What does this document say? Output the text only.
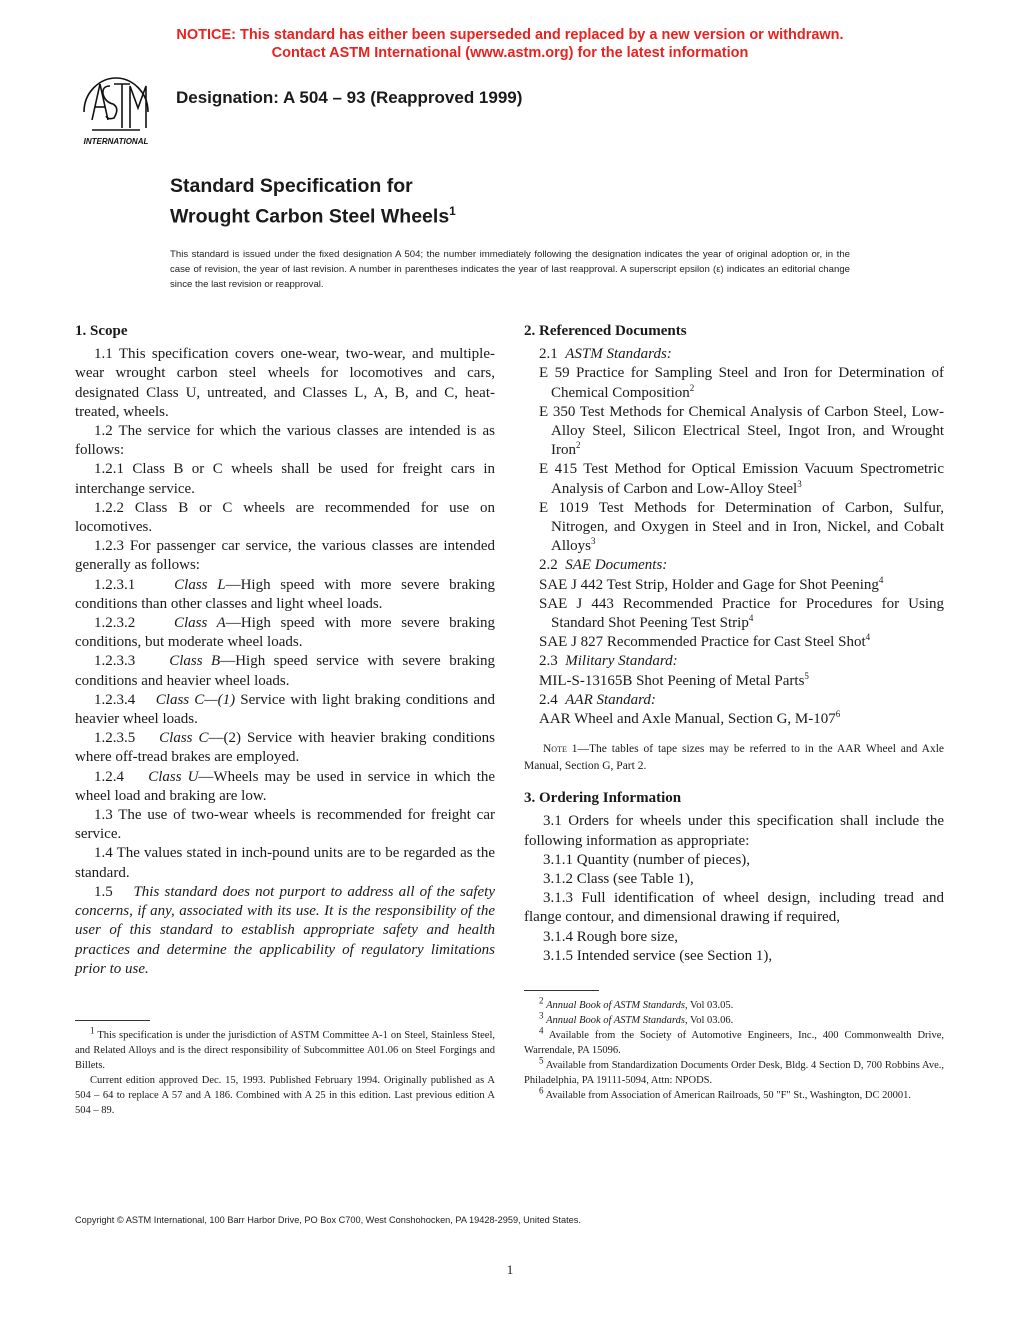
NOTICE: This standard has either been superseded and replaced by a new version or withdrawn.
Contact ASTM International (www.astm.org) for the latest information
INTERNATIONAL
Designation: A 504 – 93 (Reapproved 1999)
Standard Specification for
Wrought Carbon Steel Wheels$^1$
This standard is issued under the fixed designation A 504; the number immediately following the designation indicates the year of original adoption or, in the case of revision, the year of last revision. A number in parentheses indicates the year of last reapproval. A superscript epsilon (ε) indicates an editorial change since the last revision or reapproval.

1. Scope

1.1 This specification covers one-wear, two-wear, and multiple-wear wrought carbon steel wheels for locomotives and cars, designated Class U, untreated, and Classes L, A, B, and C, heat-treated, wheels.

1.2 The service for which the various classes are intended is as follows:

1.2.1 Class B or C wheels shall be used for freight cars in interchange service.

1.2.2 Class B or C wheels are recommended for use on locomotives.

1.2.3 For passenger car service, the various classes are intended generally as follows:

1.2.3.1	Class L—High speed with more severe braking conditions than other classes and light wheel loads.

1.2.3.2	Class A—High speed with more severe braking conditions, but moderate wheel loads.

1.2.3.3 Class B—High speed service with severe braking conditions and heavier wheel loads.

1.2.3.4 Class C—(1) Service with light braking conditions and heavier wheel loads.

1.2.3.5 Class C—(2) Service with heavier braking conditions where off-tread brakes are employed.

1.2.4 Class U—Wheels may be used in service in which the wheel load and braking are low.

1.3 The use of two-wear wheels is recommended for freight car service.

1.4 The values stated in inch-pound units are to be regarded as the standard.

1.5 This standard does not purport to address all of the safety concerns, if any, associated with its use. It is the responsibility of the user of this standard to establish appropriate safety and health practices and determine the applicability of regulatory limitations prior to use.

2. Referenced Documents

2.1 ASTM Standards:

E 59 Practice for Sampling Steel and Iron for Determination of Chemical Composition$^2$

E 350 Test Methods for Chemical Analysis of Carbon Steel, Low-Alloy Steel, Silicon Electrical Steel, Ingot Iron, and Wrought Iron$^2$

E 415 Test Method for Optical Emission Vacuum Spectrometric Analysis of Carbon and Low-Alloy Steel$^3$

E 1019 Test Methods for Determination of Carbon, Sulfur, Nitrogen, and Oxygen in Steel and in Iron, Nickel, and Cobalt Alloys$^3$

2.2 SAE Documents:

SAE J 442 Test Strip, Holder and Gage for Shot Peening$^4$

SAE J 443 Recommended Practice for Procedures for Using Standard Shot Peening Test Strip$^4$

SAE J 827 Recommended Practice for Cast Steel Shot$^4$

2.3 Military Standard:

MIL-S-13165B Shot Peening of Metal Parts$^5$

2.4 AAR Standard:

AAR Wheel and Axle Manual, Section G, $M-107^6$

Note 1—The tables of tape sizes may be referred to in the AAR Wheel and Axle Manual, Section G, Part 2.

3. Ordering Information

3.1 Orders for wheels under this specification shall include the following information as appropriate:

3.1.1 Quantity (number of pieces),

3.1.2 Class (see Table 1),

3.1.3 Full identification of wheel design, including tread and flange contour, and dimensional drawing if required,

3.1.4 Rough bore size,

3.1.5 Intended service (see Section 1),

$^1$ This specification is under the jurisdiction of ASTM Committee A-1 on Steel, Stainless Steel, and Related Alloys and is the direct responsibility of Subcommittee A01.06 on Steel Forgings and Billets.

Current edition approved Dec. 15, 1993. Published February 1994. Originally published as A 504 – 64 to replace A 57 and A 186. Combined with A 25 in this edition. Last previous edition A 504 – 89.

$^2$ Annual Book of ASTM Standards, Vol 03.05.

$^3$ Annual Book of ASTM Standards, Vol 03.06.

$^4$ Available from the Society of Automotive Engineers, Inc., 400 Commonwealth Drive, Warrendale, PA 15096.

$^5$ Available from Standardization Documents Order Desk, Bldg. 4 Section D, 700 Robbins Ave., Philadelphia, PA 19111-5094, Attn: NPODS.

$^6$ Available from Association of American Railroads, 50 "F" St., Washington, DC 20001.

Copyright © ASTM International, 100 Barr Harbor Drive, PO Box C700, West Conshohocken, PA 19428-2959, United States.
1
